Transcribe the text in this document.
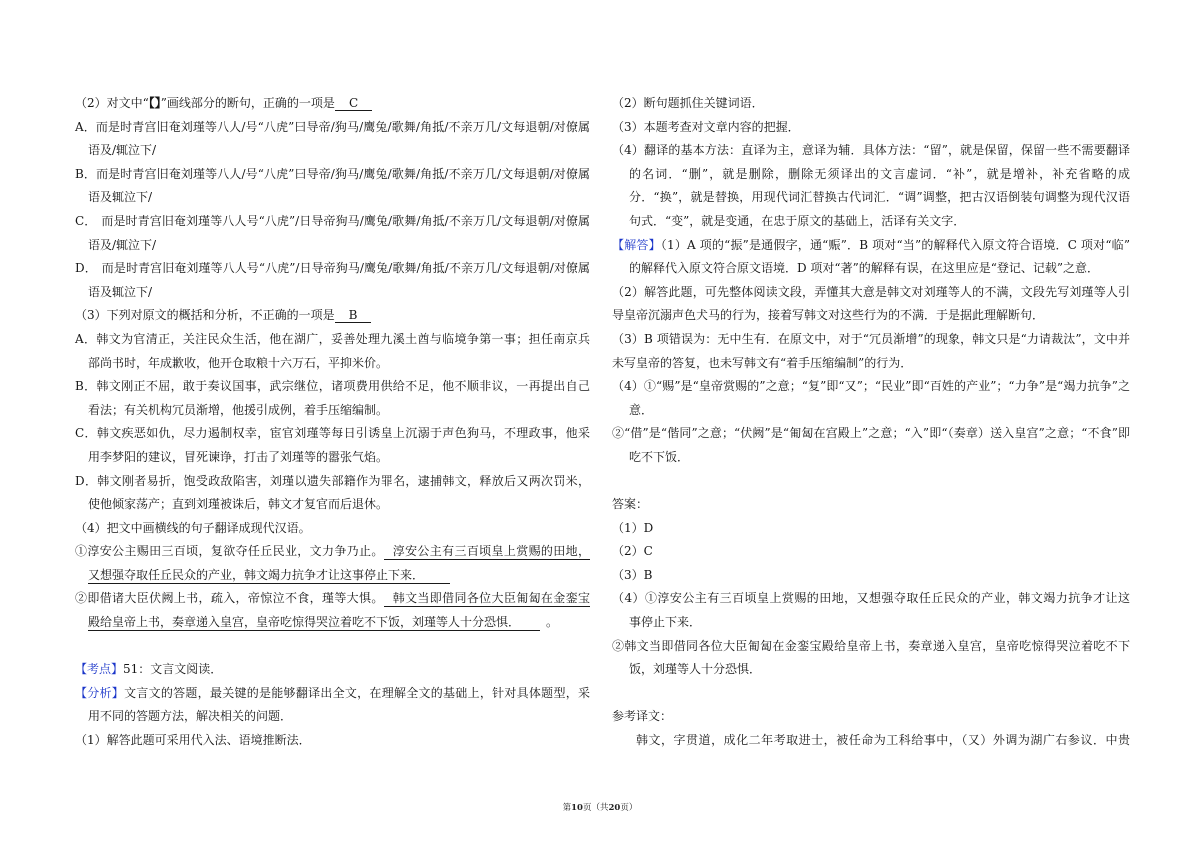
（2）对文中“【】”画线部分的断句，正确的一项是 C
A．而是时青宫旧奄刘瑾等八人/号“八虎”曰导帝/狗马/鹰兔/歌舞/角抵/不亲万几/文每退朝/对僚属
语及/辄泣下/
B．而是时青宫旧奄刘瑾等八人/号“八虎”曰导帝/狗马/鹰兔/歌舞/角抵/不亲万几/文每退朝/对僚属
语及辄泣下/
C． 而是时青宫旧奄刘瑾等八人号“八虎”/日导帝狗马/鹰兔/歌舞/角抵/不亲万几/文每退朝/对僚属
语及/辄泣下/
D． 而是时青宫旧奄刘瑾等八人号“八虎”/日导帝狗马/鹰兔/歌舞/角抵/不亲万几/文每退朝/对僚属
语及辄泣下/
（3）下列对原文的概括和分析，不正确的一项是 B
A．韩文为官清正，关注民众生活，他在湖广，妥善处理九溪土酋与临境争第一事；担任南京兵
部尚书时，年成歉收，他开仓取粮十六万石，平抑米价。
B．韩文刚正不屈，敢于奏议国事，武宗继位，诸项费用供给不足，他不顺非议，一再提出自己
看法；有关机构冗员渐增，他援引成例，着手压缩编制。
C．韩文疾恶如仇，尽力遏制权幸，宦官刘瑾等每日引诱皇上沉溺于声色狗马，不理政事，他采
用李梦阳的建议，冒死谏诤，打击了刘瑾等的嚣张气焰。
D．韩文刚者易折，饱受政敌陷害，刘瑾以遗失部籍作为罪名，逮捕韩文，释放后又两次罚米，
使他倾家荡产；直到刘瑾被诛后，韩文才复官而后退休。
（4）把文中画横线的句子翻译成现代汉语。
①淳安公主赐田三百顷，复欲夺任丘民业，文力争乃止。 淳安公主有三百顷皇上赏赐的田地，
又想强夺取任丘民众的产业，韩文竭力抗争才让这事停止下来．
②即借诸大臣伏阙上书，疏入，帝惊泣不食，瑾等大惧。 韩文当即借同各位大臣匍匐在金銮宝
殿给皇帝上书，奏章递入皇宫，皇帝吃惊得哭泣着吃不下饭，刘瑾等人十分恐惧．	。
【考点】51：文言文阅读．
【分析】文言文的答题，最关键的是能够翻译出全文，在理解全文的基础上，针对具体题型，采
用不同的答题方法，解决相关的问题．
（1）解答此题可采用代入法、语境推断法．
（2）断句题抓住关键词语．
（3）本题考查对文章内容的把握．
（4）翻译的基本方法：直译为主，意译为辅．具体方法：“留”，就是保留，保留一些不需要翻译
的名词．“删”，就是删除，删除无须译出的文言虚词．“补”，就是增补，补充省略的成
分．“换”，就是替换，用现代词汇替换古代词汇．“调”调整，把古汉语倒装句调整为现代汉语
句式．“变”，就是变通，在忠于原文的基础上，活译有关文字．
【解答】（1）A 项的“振”是通假字，通“赈”．B 项对“当”的解释代入原文符合语境．C 项对“临”
的解释代入原文符合原文语境．D 项对“著”的解释有误，在这里应是“登记、记载”之意．
（2）解答此题，可先整体阅读文段，弄懂其大意是韩文对刘瑾等人的不满，文段先写刘瑾等人引
导皇帝沉溺声色犬马的行为，接着写韩文对这些行为的不满．于是据此理解断句．
（3）B 项错误为：无中生有．在原文中，对于“冗员渐增”的现象，韩文只是“力请裁汰”，文中并
未写皇帝的答复，也未写韩文有“着手压缩编制”的行为．
（4）①“赐”是“皇帝赏赐的”之意；“复”即“又”；“民业”即“百姓的产业”；“力争”是“竭力抗争”之
意．
②“借”是“偕同”之意；“伏阙”是“匍匐在宫殿上”之意；“入”即“（奏章）送入皇宫”之意；“不食”即
吃不下饭．
答案：
（1）D
（2）C
（3）B
（4）①淳安公主有三百顷皇上赏赐的田地，又想强夺取任丘民众的产业，韩文竭力抗争才让这
事停止下来．
②韩文当即借同各位大臣匍匐在金銮宝殿给皇帝上书，奏章递入皇宫，皇帝吃惊得哭泣着吃不下
饭，刘瑾等人十分恐惧．
参考译文：
韩文，字贯道，成化二年考取进士，被任命为工科给事中，（又）外调为湖广右参议．中贵
第10页（共20页）
